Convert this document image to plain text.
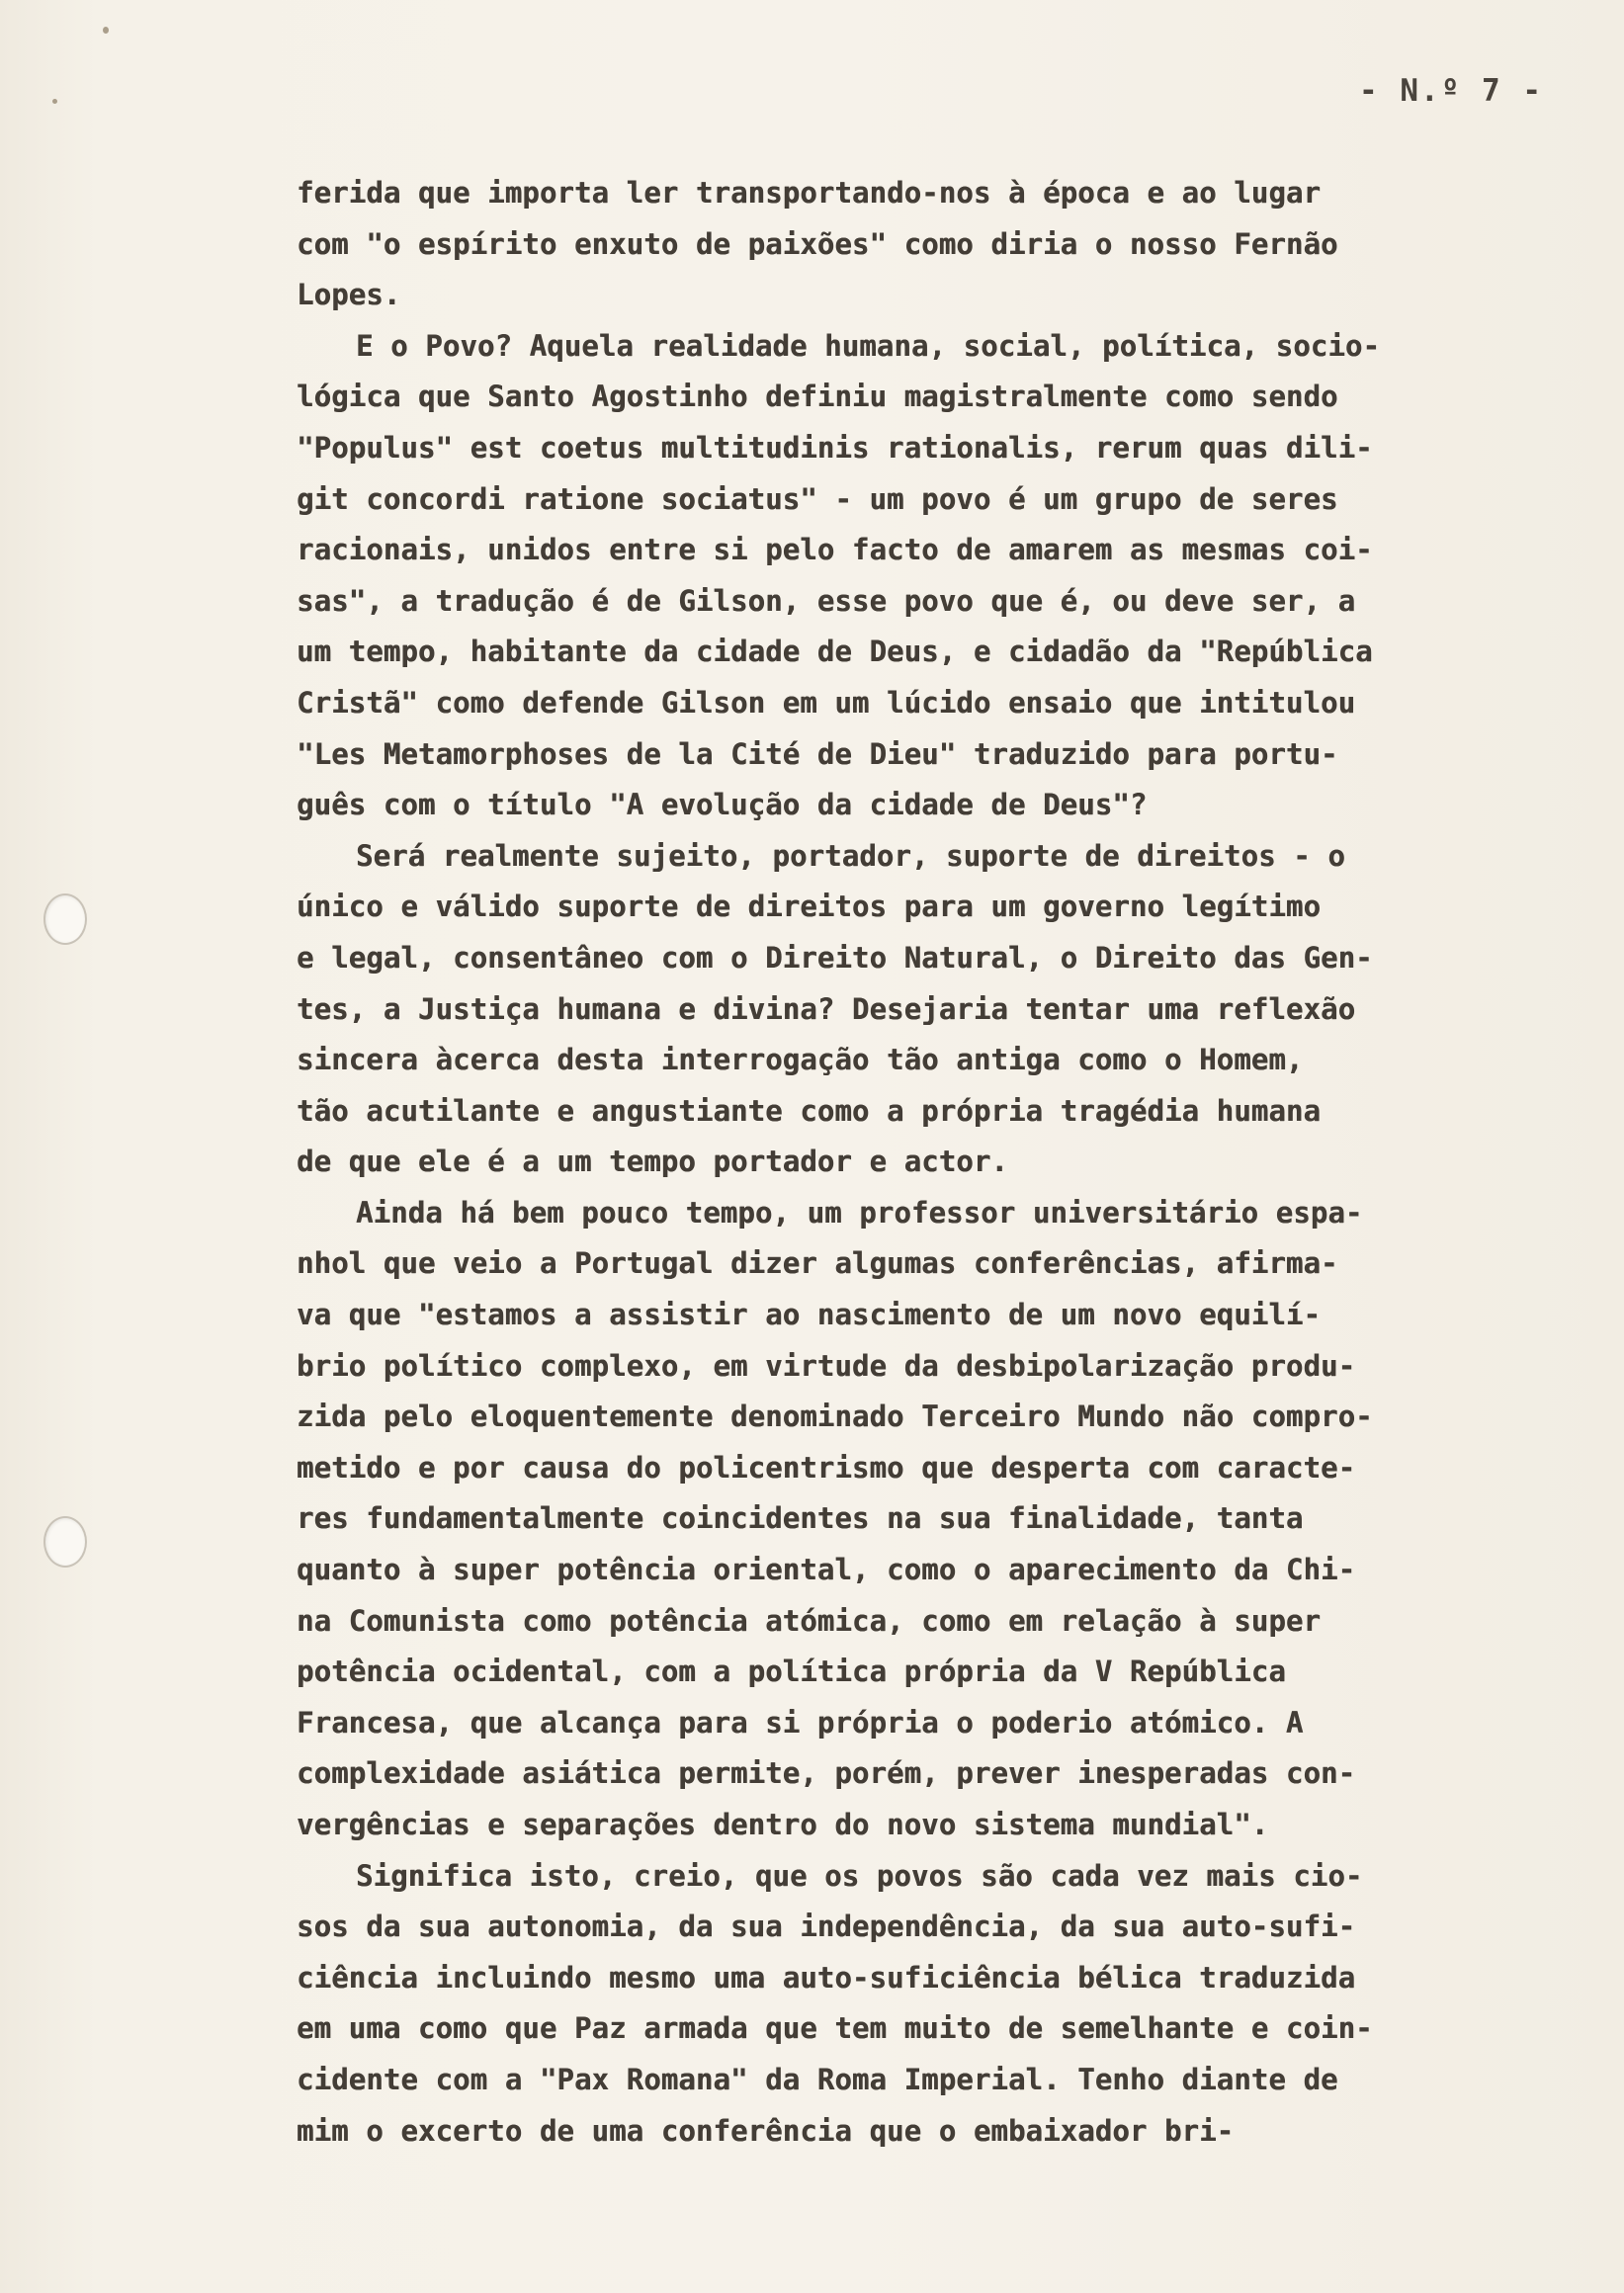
- N.º 7 -
ferida que importa ler transportando-nos à época e ao lugar
com "o espírito enxuto de paixões" como diria o nosso Fernão
Lopes.
E o Povo? Aquela realidade humana, social, política, socio-
lógica que Santo Agostinho definiu magistralmente como sendo
"Populus" est coetus multitudinis rationalis, rerum quas dili-
git concordi ratione sociatus" - um povo é um grupo de seres
racionais, unidos entre si pelo facto de amarem as mesmas coi-
sas", a tradução é de Gilson, esse povo que é, ou deve ser, a
um tempo, habitante da cidade de Deus, e cidadão da "República
Cristã" como defende Gilson em um lúcido ensaio que intitulou
"Les Metamorphoses de la Cité de Dieu" traduzido para portu-
guês com o título "A evolução da cidade de Deus"?
Será realmente sujeito, portador, suporte de direitos - o
único e válido suporte de direitos para um governo legítimo
e legal, consentâneo com o Direito Natural, o Direito das Gen-
tes, a Justiça humana e divina? Desejaria tentar uma reflexão
sincera àcerca desta interrogação tão antiga como o Homem,
tão acutilante e angustiante como a própria tragédia humana
de que ele é a um tempo portador e actor.
Ainda há bem pouco tempo, um professor universitário espa-
nhol que veio a Portugal dizer algumas conferências, afirma-
va que "estamos a assistir ao nascimento de um novo equilí-
brio político complexo, em virtude da desbipolarização produ-
zida pelo eloquentemente denominado Terceiro Mundo não compro-
metido e por causa do policentrismo que desperta com caracte-
res fundamentalmente coincidentes na sua finalidade, tanta
quanto à super potência oriental, como o aparecimento da Chi-
na Comunista como potência atómica, como em relação à super
potência ocidental, com a política própria da V República
Francesa, que alcança para si própria o poderio atómico. A
complexidade asiática permite, porém, prever inesperadas con-
vergências e separações dentro do novo sistema mundial".
Significa isto, creio, que os povos são cada vez mais cio-
sos da sua autonomia, da sua independência, da sua auto-sufi-
ciência incluindo mesmo uma auto-suficiência bélica traduzida
em uma como que Paz armada que tem muito de semelhante e coin-
cidente com a "Pax Romana" da Roma Imperial. Tenho diante de
mim o excerto de uma conferência que o embaixador bri-
